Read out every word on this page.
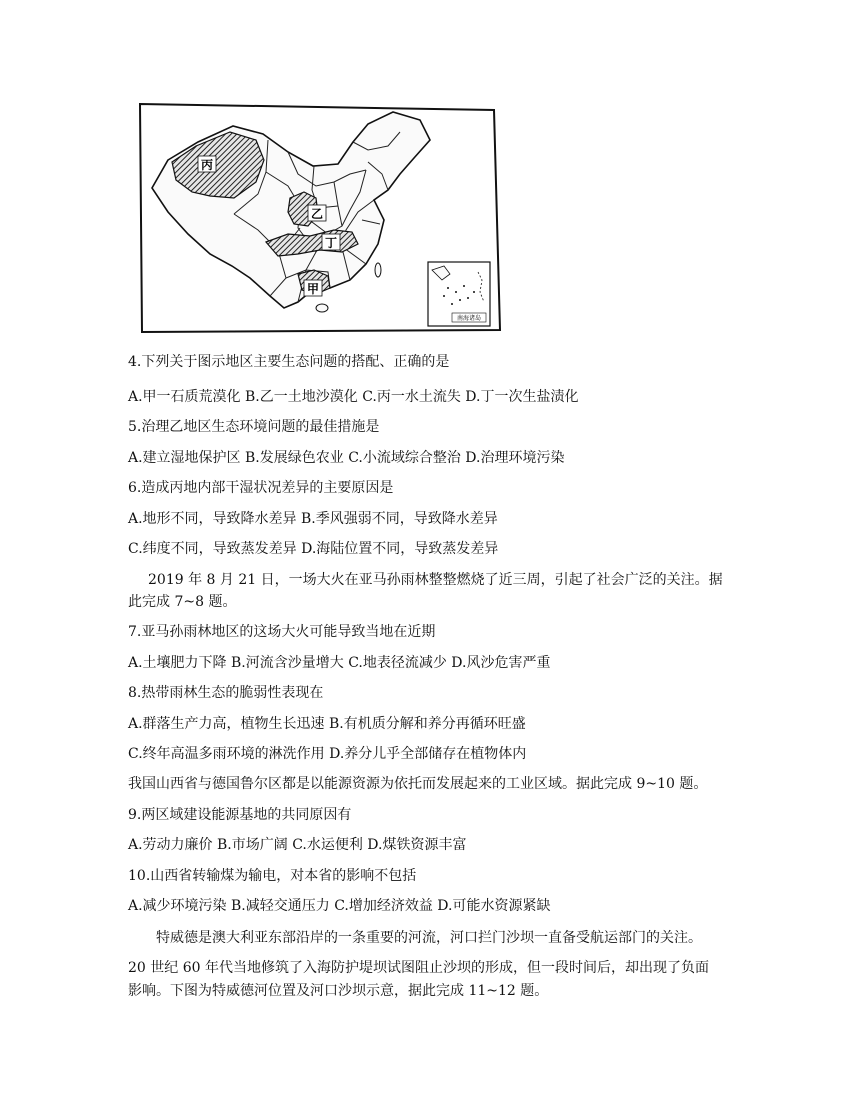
丙
乙
丁
甲
南海诸岛
4.下列关于图示地区主要生态问题的搭配、正确的是
A.甲一石质荒漠化 B.乙一土地沙漠化 C.丙一水土流失 D.丁一次生盐渍化
5.治理乙地区生态环境问题的最佳措施是
A.建立湿地保护区 B.发展绿色农业 C.小流域综合整治 D.治理环境污染
6.造成丙地内部干湿状况差异的主要原因是
A.地形不同，导致降水差异 B.季风强弱不同，导致降水差异
C.纬度不同，导致蒸发差异 D.海陆位置不同，导致蒸发差异
2019 年 8 月 21 日，一场大火在亚马孙雨林整整燃烧了近三周，引起了社会广泛的关注。据
此完成 7~8 题。
7.亚马孙雨林地区的这场大火可能导致当地在近期
A.土壤肥力下降 B.河流含沙量增大 C.地表径流减少 D.风沙危害严重
8.热带雨林生态的脆弱性表现在
A.群落生产力高，植物生长迅速 B.有机质分解和养分再循环旺盛
C.终年高温多雨环境的淋洗作用 D.养分儿乎全部储存在植物体内
我国山西省与德国鲁尔区都是以能源资源为依托而发展起来的工业区域。据此完成 9~10 题。
9.两区域建设能源基地的共同原因有
A.劳动力廉价 B.市场广阔 C.水运便利 D.煤铁资源丰富
10.山西省转输煤为输电，对本省的影响不包括
A.减少环境污染 B.减轻交通压力 C.增加经济效益 D.可能水资源紧缺
特威德是澳大利亚东部沿岸的一条重要的河流，河口拦门沙坝一直备受航运部门的关注。
20 世纪 60 年代当地修筑了入海防护堤坝试图阻止沙坝的形成，但一段时间后，却出现了负面
影响。下图为特威德河位置及河口沙坝示意，据此完成 11~12 题。
